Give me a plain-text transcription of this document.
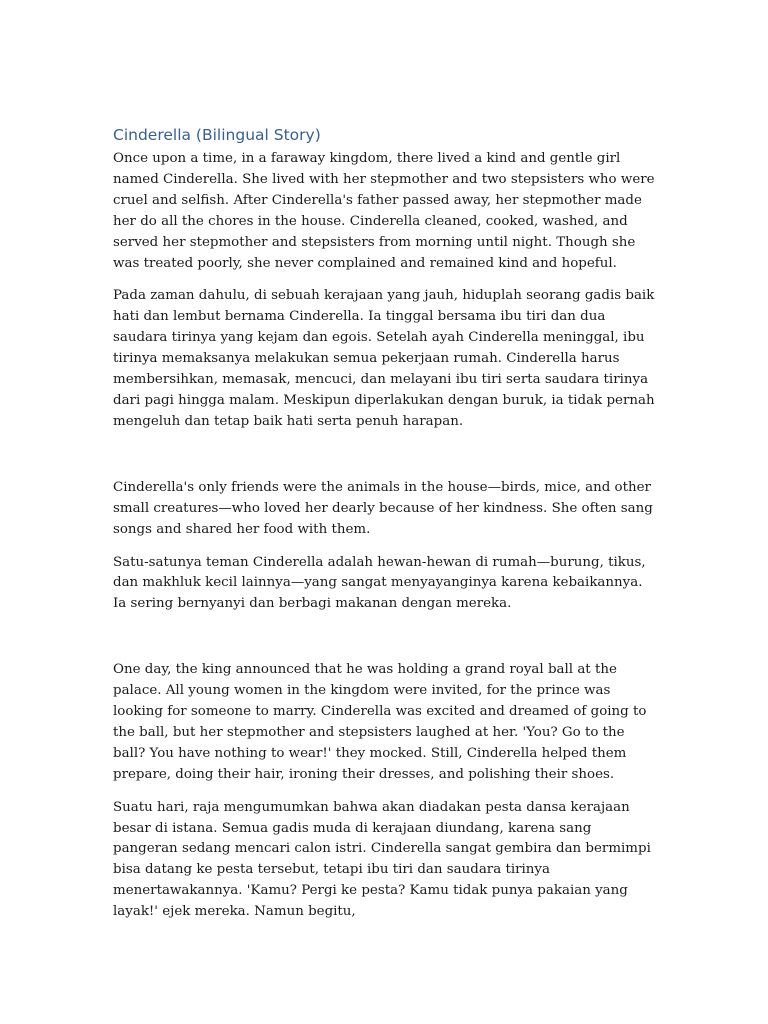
Cinderella (Bilingual Story)

Once upon a time, in a faraway kingdom, there lived a kind and gentle girl named Cinderella. She lived with her stepmother and two stepsisters who were cruel and selfish. After Cinderella's father passed away, her stepmother made her do all the chores in the house. Cinderella cleaned, cooked, washed, and served her stepmother and stepsisters from morning until night. Though she was treated poorly, she never complained and remained kind and hopeful.

Pada zaman dahulu, di sebuah kerajaan yang jauh, hiduplah seorang gadis baik hati dan lembut bernama Cinderella. Ia tinggal bersama ibu tiri dan dua saudara tirinya yang kejam dan egois. Setelah ayah Cinderella meninggal, ibu tirinya memaksanya melakukan semua pekerjaan rumah. Cinderella harus membersihkan, memasak, mencuci, dan melayani ibu tiri serta saudara tirinya dari pagi hingga malam. Meskipun diperlakukan dengan buruk, ia tidak pernah mengeluh dan tetap baik hati serta penuh harapan.

Cinderella's only friends were the animals in the house—birds, mice, and other small creatures—who loved her dearly because of her kindness. She often sang songs and shared her food with them.

Satu-satunya teman Cinderella adalah hewan-hewan di rumah—burung, tikus, dan makhluk kecil lainnya—yang sangat menyayanginya karena kebaikannya. Ia sering bernyanyi dan berbagi makanan dengan mereka.

One day, the king announced that he was holding a grand royal ball at the palace. All young women in the kingdom were invited, for the prince was looking for someone to marry. Cinderella was excited and dreamed of going to the ball, but her stepmother and stepsisters laughed at her. 'You? Go to the ball? You have nothing to wear!' they mocked. Still, Cinderella helped them prepare, doing their hair, ironing their dresses, and polishing their shoes.

Suatu hari, raja mengumumkan bahwa akan diadakan pesta dansa kerajaan besar di istana. Semua gadis muda di kerajaan diundang, karena sang pangeran sedang mencari calon istri. Cinderella sangat gembira dan bermimpi bisa datang ke pesta tersebut, tetapi ibu tiri dan saudara tirinya menertawakannya. 'Kamu? Pergi ke pesta? Kamu tidak punya pakaian yang layak!' ejek mereka. Namun begitu,
